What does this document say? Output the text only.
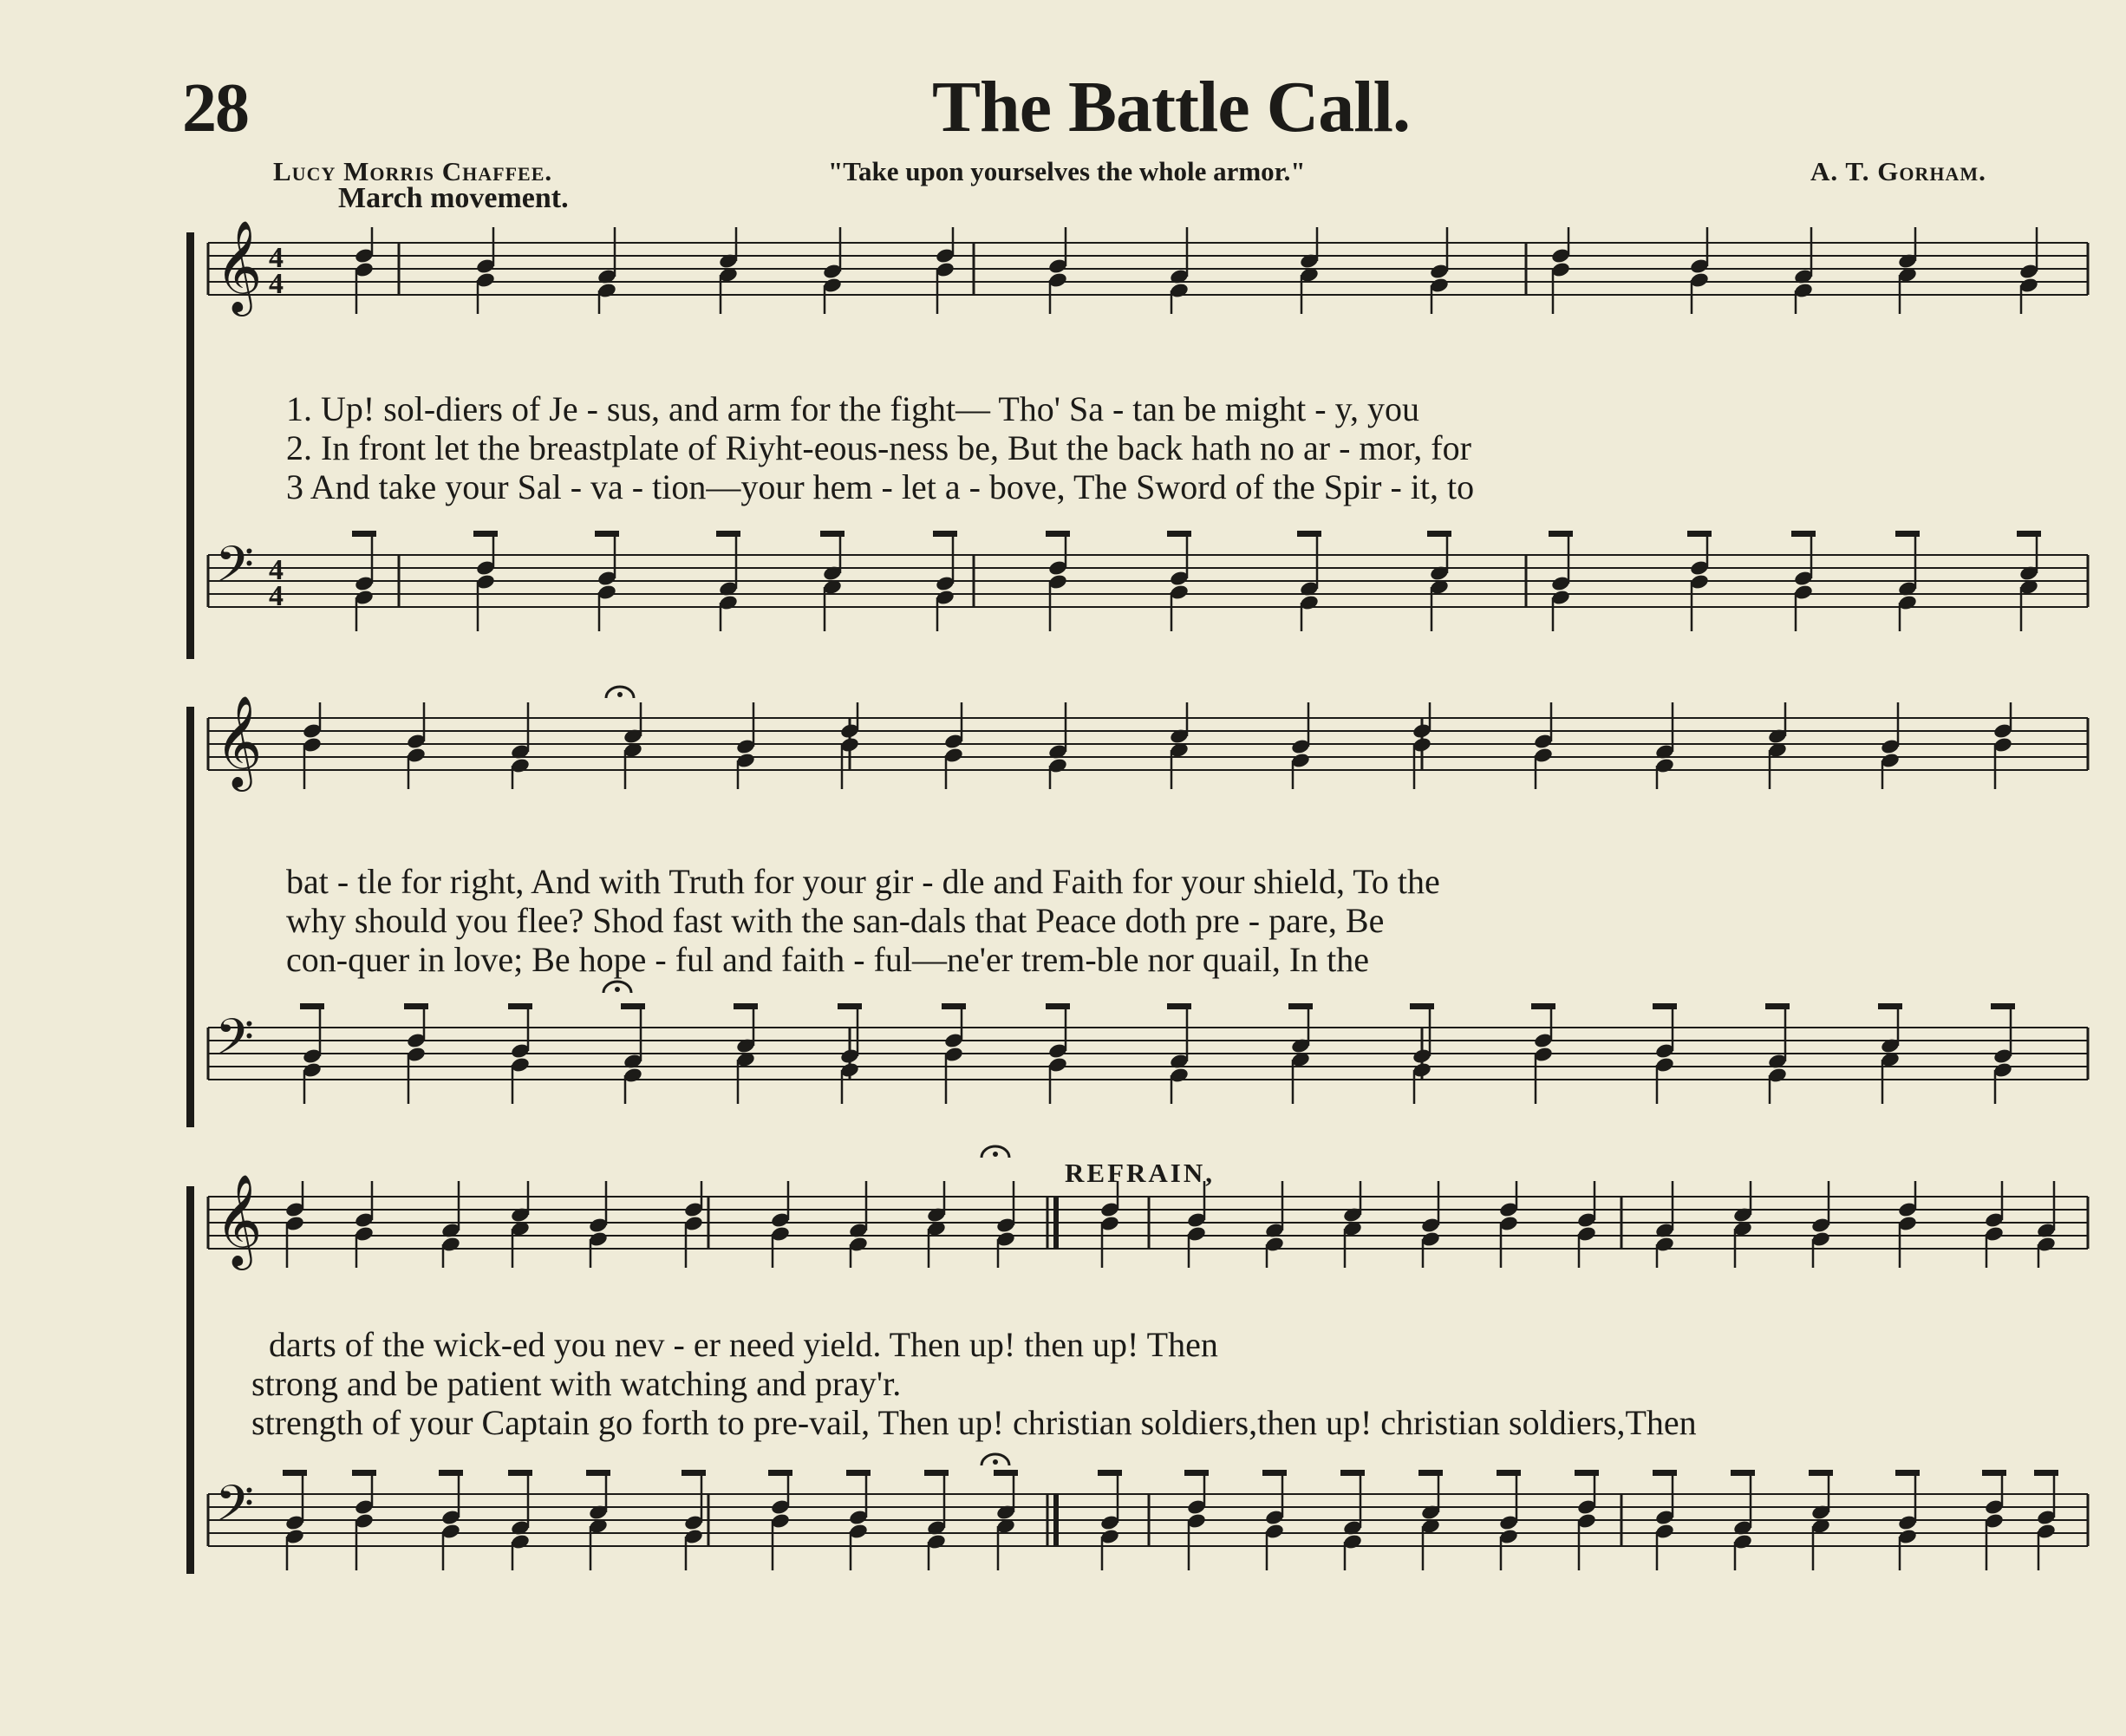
28	The Battle Call.
Lucy Morris Chaffee.	"Take upon yourselves the whole armor."	A. T. Gorham.
March movement.
REFRAIN,
1. Up! sol-diers of Je - sus, and arm for the fight— Tho' Sa - tan be might - y, you
2. In front let the breastplate of Riyht-eous-ness be, But the back hath no ar - mor, for
3 And take your Sal - va - tion—your hem - let a - bove, The Sword of the Spir - it, to
bat - tle for right, And with Truth for your gir - dle and Faith for your shield, To the
why should you flee? Shod fast with the san-dals that Peace doth pre - pare, Be
con-quer in love; Be hope - ful and faith - ful—ne'er trem-ble nor quail, In the
darts of the wick-ed you nev - er need yield. Then up! then up! Then
strong and be patient with watching and pray'r.
strength of your Captain go forth to pre-vail, Then up! christian soldiers,then up! christian soldiers,Then
𝄞 4
4
𝄢 4
4
𝄞
𝄢
𝄞
𝄢
